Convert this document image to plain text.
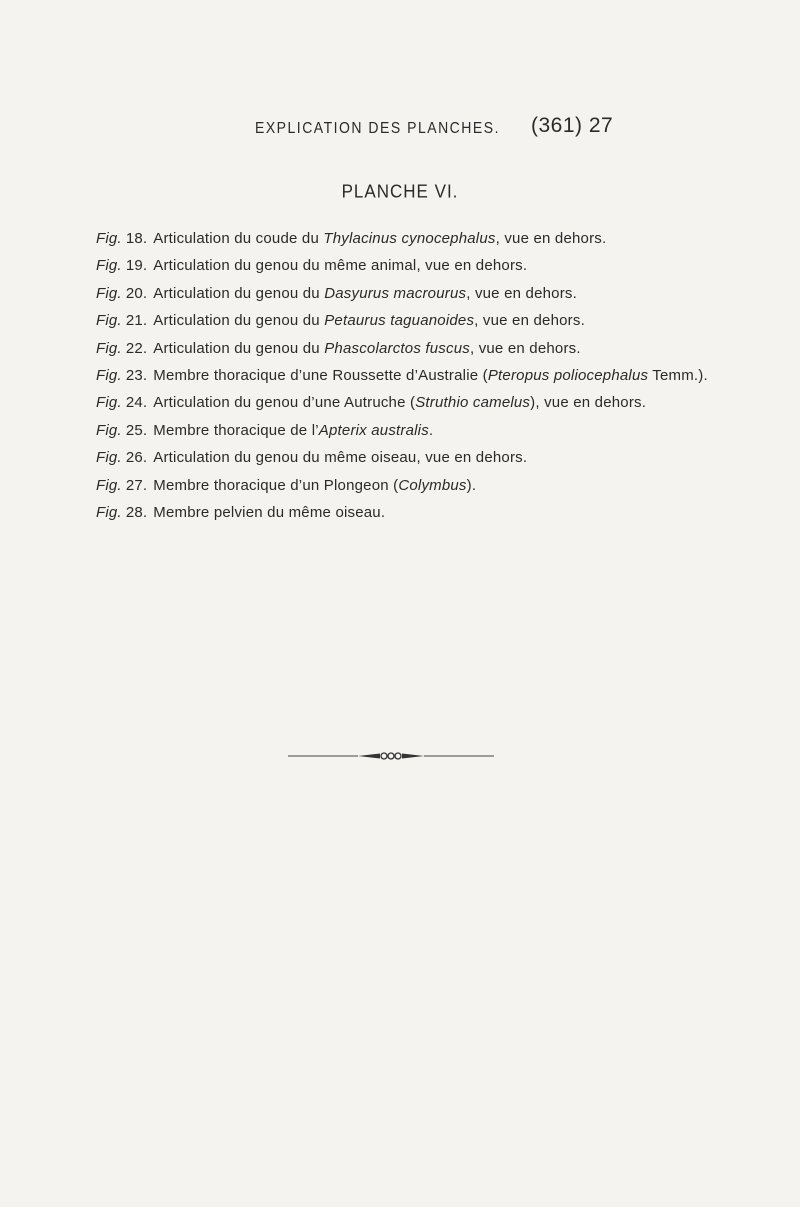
EXPLICATION DES PLANCHES. (361) 27
PLANCHE VI.
Fig. 18. Articulation du coude du Thylacinus cynocephalus, vue en dehors.
Fig. 19. Articulation du genou du même animal, vue en dehors.
Fig. 20. Articulation du genou du Dasyurus macrourus, vue en dehors.
Fig. 21. Articulation du genou du Petaurus taguanoides, vue en dehors.
Fig. 22. Articulation du genou du Phascolarctos fuscus, vue en dehors.
Fig. 23. Membre thoracique d’une Roussette d’Australie (Pteropus poliocephalus Temm.).
Fig. 24. Articulation du genou d’une Autruche (Struthio camelus), vue en dehors.
Fig. 25. Membre thoracique de l’Apterix australis.
Fig. 26. Articulation du genou du même oiseau, vue en dehors.
Fig. 27. Membre thoracique d’un Plongeon (Colymbus).
Fig. 28. Membre pelvien du même oiseau.
